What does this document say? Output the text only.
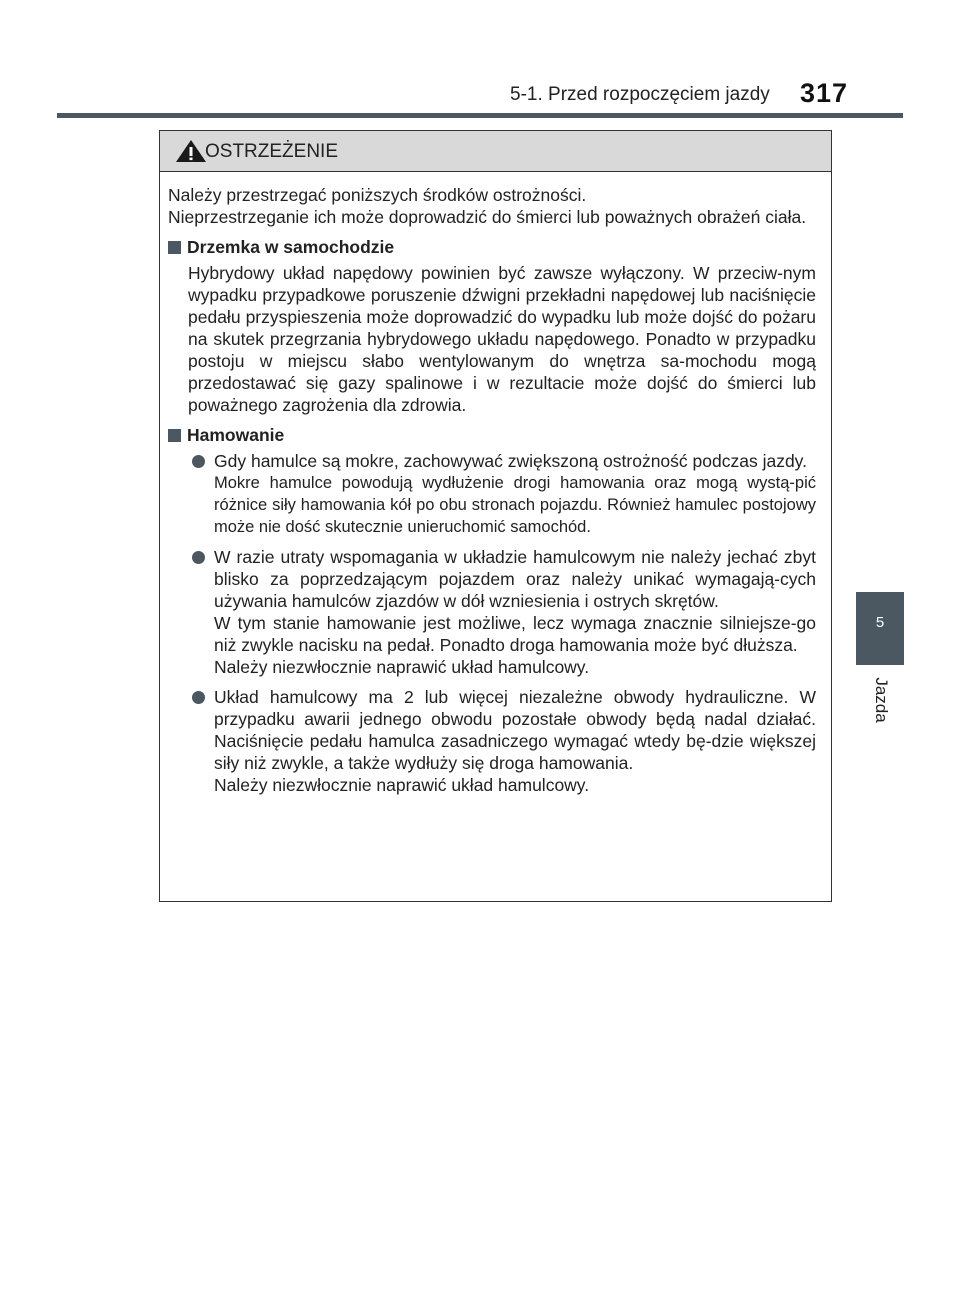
5-1. Przed rozpoczęciem jazdy 317
5
Jazda
OSTRZEŻENIE

Należy przestrzegać poniższych środków ostrożności.

Nieprzestrzeganie ich może doprowadzić do śmierci lub poważnych obrażeń ciała.

Drzemka w samochodzie

Hybrydowy układ napędowy powinien być zawsze wyłączony. W przeciw-nym wypadku przypadkowe poruszenie dźwigni przekładni napędowej lub naciśnięcie pedału przyspieszenia może doprowadzić do wypadku lub może dojść do pożaru na skutek przegrzania hybrydowego układu napędowego. Ponadto w przypadku postoju w miejscu słabo wentylowanym do wnętrza sa-mochodu mogą przedostawać się gazy spalinowe i w rezultacie może dojść do śmierci lub poważnego zagrożenia dla zdrowia.

Hamowanie

Gdy hamulce są mokre, zachowywać zwiększoną ostrożność podczas jazdy.

Mokre hamulce powodują wydłużenie drogi hamowania oraz mogą wystą-pić różnice siły hamowania kół po obu stronach pojazdu. Również hamulec postojowy może nie dość skutecznie unieruchomić samochód.

W razie utraty wspomagania w układzie hamulcowym nie należy jechać zbyt blisko za poprzedzającym pojazdem oraz należy unikać wymagają-cych używania hamulców zjazdów w dół wzniesienia i ostrych skrętów.

W tym stanie hamowanie jest możliwe, lecz wymaga znacznie silniejsze-go niż zwykle nacisku na pedał. Ponadto droga hamowania może być dłuższa.

Należy niezwłocznie naprawić układ hamulcowy.

Układ hamulcowy ma 2 lub więcej niezależne obwody hydrauliczne. W przypadku awarii jednego obwodu pozostałe obwody będą nadal działać. Naciśnięcie pedału hamulca zasadniczego wymagać wtedy bę-dzie większej siły niż zwykle, a także wydłuży się droga hamowania.

Należy niezwłocznie naprawić układ hamulcowy.
